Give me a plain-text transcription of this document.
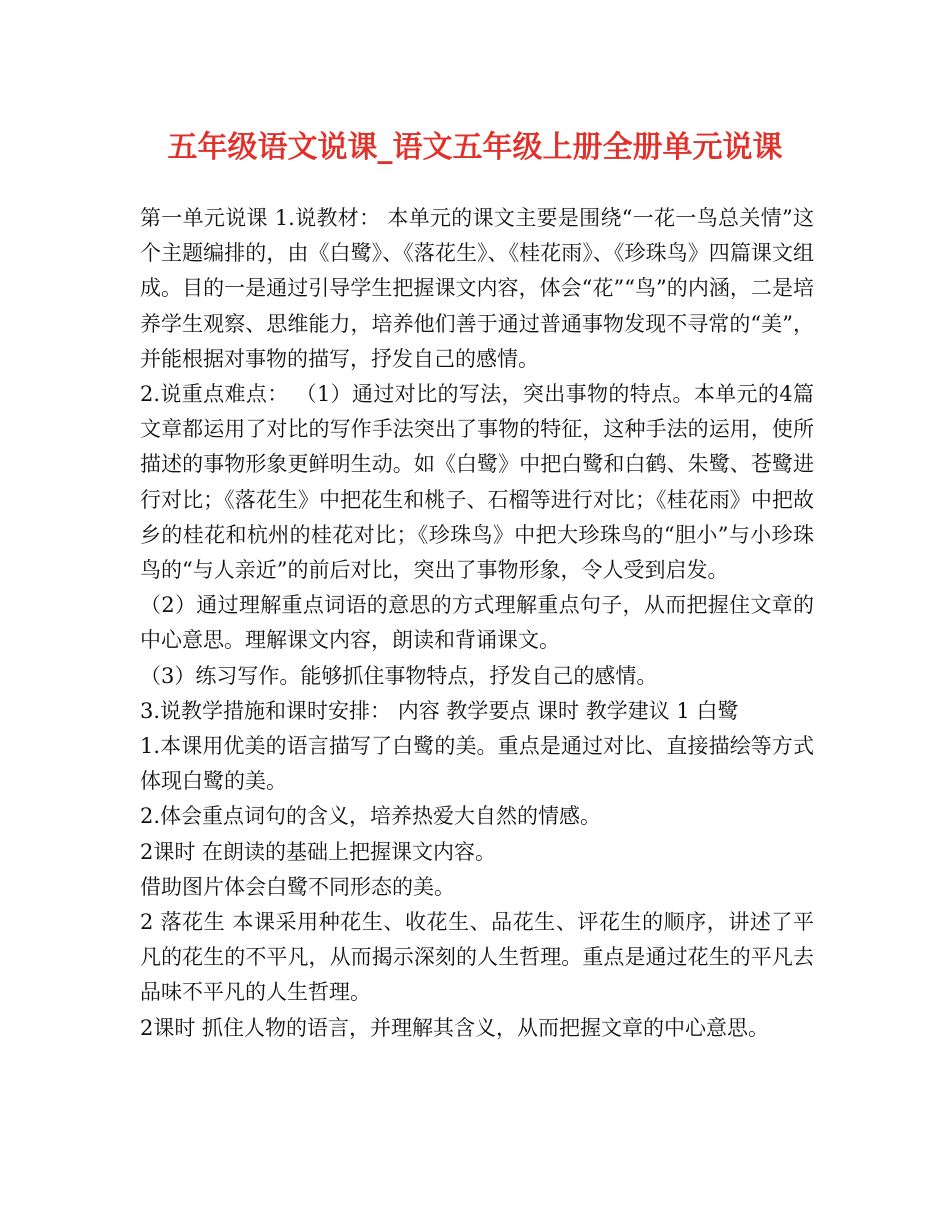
五年级语文说课_语文五年级上册全册单元说课

第一单元说课 1.说教材： 本单元的课文主要是围绕“一花一鸟总关情”这个主题编排的，由《白鹭》、《落花生》、《桂花雨》、《珍珠鸟》四篇课文组成。目的一是通过引导学生把握课文内容，体会“花”“鸟”的内涵，二是培养学生观察、思维能力，培养他们善于通过普通事物发现不寻常的“美”，并能根据对事物的描写，抒发自己的感情。

2.说重点难点： （1）通过对比的写法，突出事物的特点。本单元的4篇文章都运用了对比的写作手法突出了事物的特征，这种手法的运用，使所描述的事物形象更鲜明生动。如《白鹭》中把白鹭和白鹤、朱鹭、苍鹭进行对比；《落花生》中把花生和桃子、石榴等进行对比；《桂花雨》中把故乡的桂花和杭州的桂花对比；《珍珠鸟》中把大珍珠鸟的“胆小”与小珍珠鸟的“与人亲近”的前后对比，突出了事物形象，令人受到启发。

（2）通过理解重点词语的意思的方式理解重点句子，从而把握住文章的中心意思。理解课文内容，朗读和背诵课文。

（3）练习写作。能够抓住事物特点，抒发自己的感情。

3.说教学措施和课时安排： 内容 教学要点 课时 教学建议 1 白鹭

1.本课用优美的语言描写了白鹭的美。重点是通过对比、直接描绘等方式体现白鹭的美。

2.体会重点词句的含义，培养热爱大自然的情感。

2课时 在朗读的基础上把握课文内容。

借助图片体会白鹭不同形态的美。

2 落花生 本课采用种花生、收花生、品花生、评花生的顺序，讲述了平凡的花生的不平凡，从而揭示深刻的人生哲理。重点是通过花生的平凡去品味不平凡的人生哲理。

2课时 抓住人物的语言，并理解其含义，从而把握文章的中心意思。
